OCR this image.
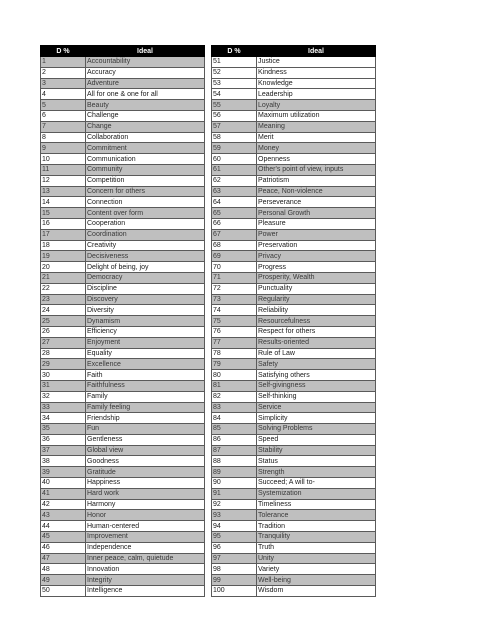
D %	Ideal
1	Accountability
2	Accuracy
3	Adventure
4	All for one & one for all
5	Beauty
6	Challenge
7	Change
8	Collaboration
9	Commitment
10	Communication
11	Community
12	Competition
13	Concern for others
14	Connection
15	Content over form
16	Cooperation
17	Coordination
18	Creativity
19	Decisiveness
20	Delight of being, joy
21	Democracy
22	Discipline
23	Discovery
24	Diversity
25	Dynamism
26	Efficiency
27	Enjoyment
28	Equality
29	Excellence
30	Faith
31	Faithfulness
32	Family
33	Family feeling
34	Friendship
35	Fun
36	Gentleness
37	Global view
38	Goodness
39	Gratitude
40	Happiness
41	Hard work
42	Harmony
43	Honor
44	Human-centered
45	Improvement
46	Independence
47	Inner peace, calm, quietude
48	Innovation
49	Integrity
50	Intelligence
D %	Ideal
51	Justice
52	Kindness
53	Knowledge
54	Leadership
55	Loyalty
56	Maximum utilization
57	Meaning
58	Merit
59	Money
60	Openness
61	Other's point of view, inputs
62	Patriotism
63	Peace, Non-violence
64	Perseverance
65	Personal Growth
66	Pleasure
67	Power
68	Preservation
69	Privacy
70	Progress
71	Prosperity, Wealth
72	Punctuality
73	Regularity
74	Reliability
75	Resourcefulness
76	Respect for others
77	Results-oriented
78	Rule of Law
79	Safety
80	Satisfying others
81	Self-givingness
82	Self-thinking
83	Service
84	Simplicity
85	Solving Problems
86	Speed
87	Stability
88	Status
89	Strength
90	Succeed; A will to-
91	Systemization
92	Timeliness
93	Tolerance
94	Tradition
95	Tranquility
96	Truth
97	Unity
98	Variety
99	Well-being
100	Wisdom
